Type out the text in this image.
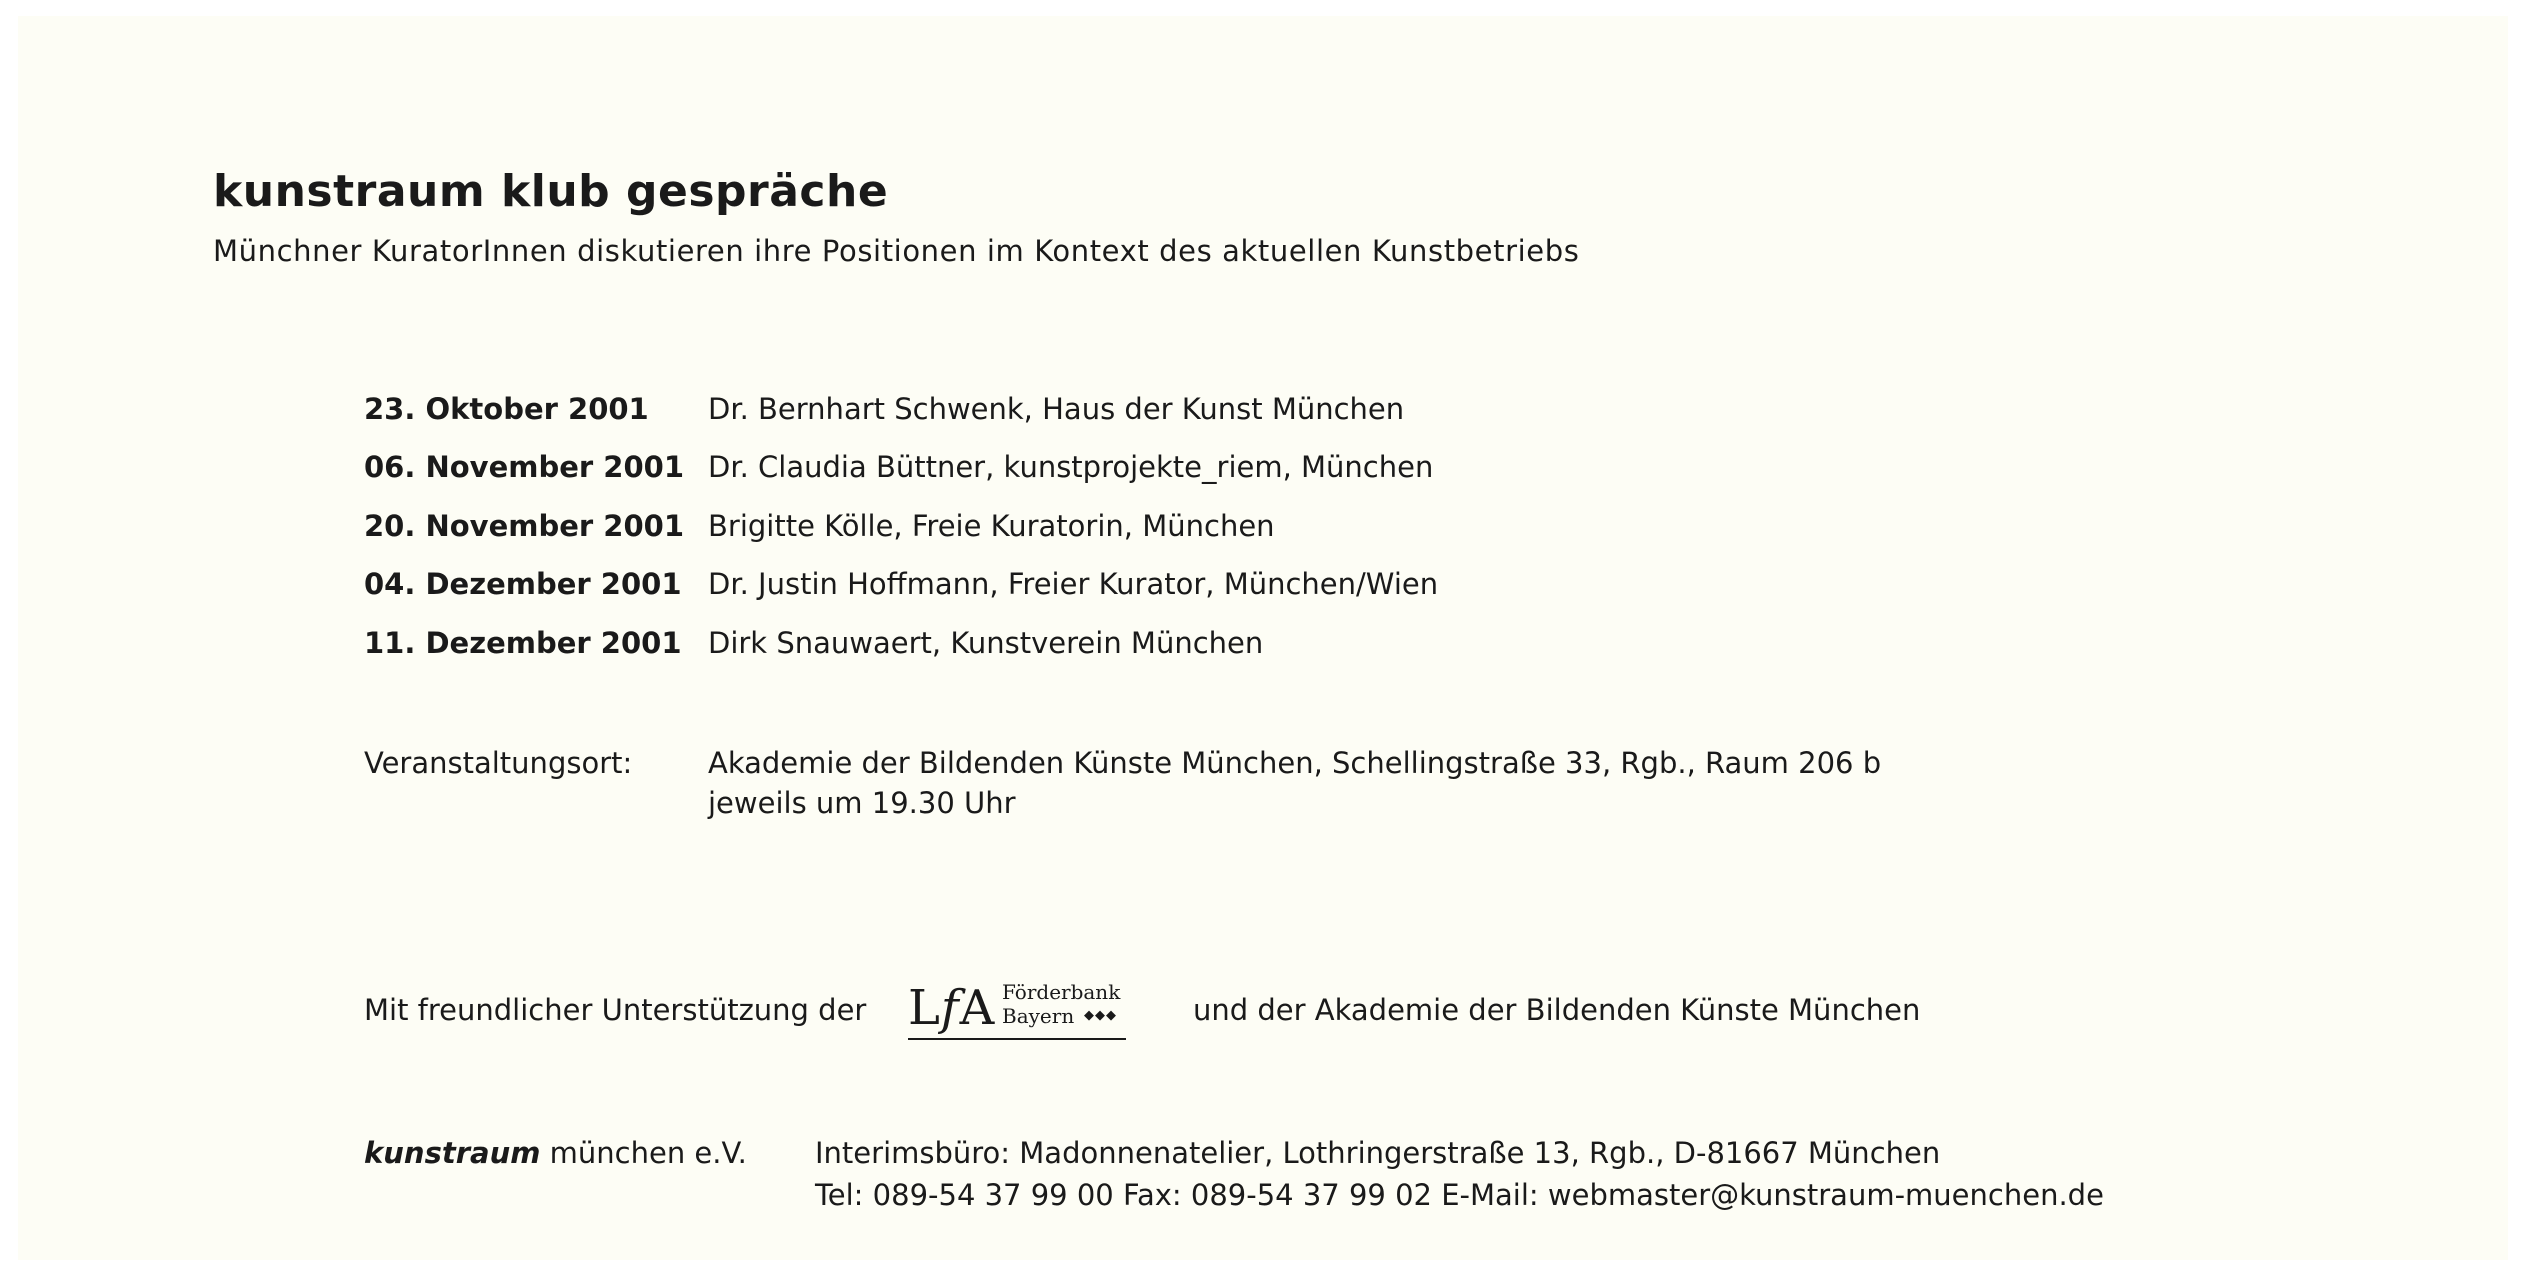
kunstraum klub gespräche
Münchner KuratorInnen diskutieren ihre Positionen im Kontext des aktuellen Kunstbetriebs
23. Oktober 2001 Dr. Bernhart Schwenk, Haus der Kunst München
06. November 2001 Dr. Claudia Büttner, kunstprojekte_riem, München
20. November 2001 Brigitte Kölle, Freie Kuratorin, München
04. Dezember 2001 Dr. Justin Hoffmann, Freier Kurator, München/Wien
11. Dezember 2001 Dirk Snauwaert, Kunstverein München
Veranstaltungsort:	Akademie der Bildenden Künste München, Schellingstraße 33, Rgb., Raum 206 b
jeweils um 19.30 Uhr
Mit freundlicher Unterstützung der LfA Förderbank
Bayern ◆◆◆	und der Akademie der Bildenden Künste München
kunstraum münchen e.V. Interimsbüro: Madonnenatelier, Lothringerstraße 13, Rgb., D-81667 München
Tel: 089-54 37 99 00 Fax: 089-54 37 99 02 E-Mail: webmaster@kunstraum-muenchen.de
